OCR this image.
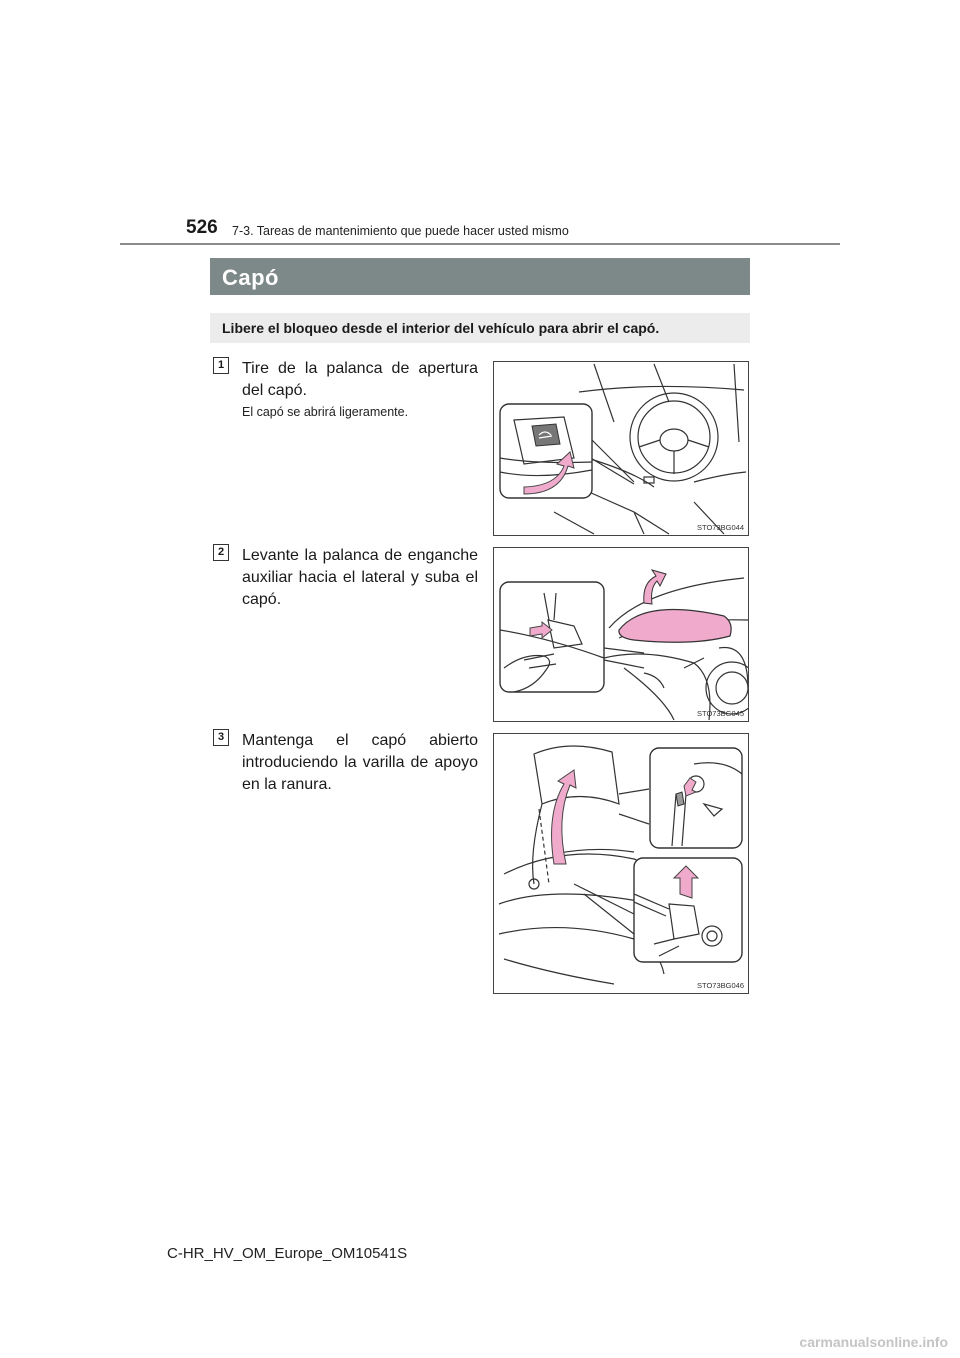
526 7-3. Tareas de mantenimiento que puede hacer usted mismo
Capó
Libere el bloqueo desde el interior del vehículo para abrir el capó.
1	Tire de la palanca de apertura del capó.
El capó se abrirá ligeramente.
STO73BG044
2	Levante la palanca de enganche auxiliar hacia el lateral y suba el capó.
STO73BG045
3	Mantenga el capó abierto introduciendo la varilla de apoyo en la ranura.
STO73BG046
C-HR_HV_OM_Europe_OM10541S
carmanualsonline.info
